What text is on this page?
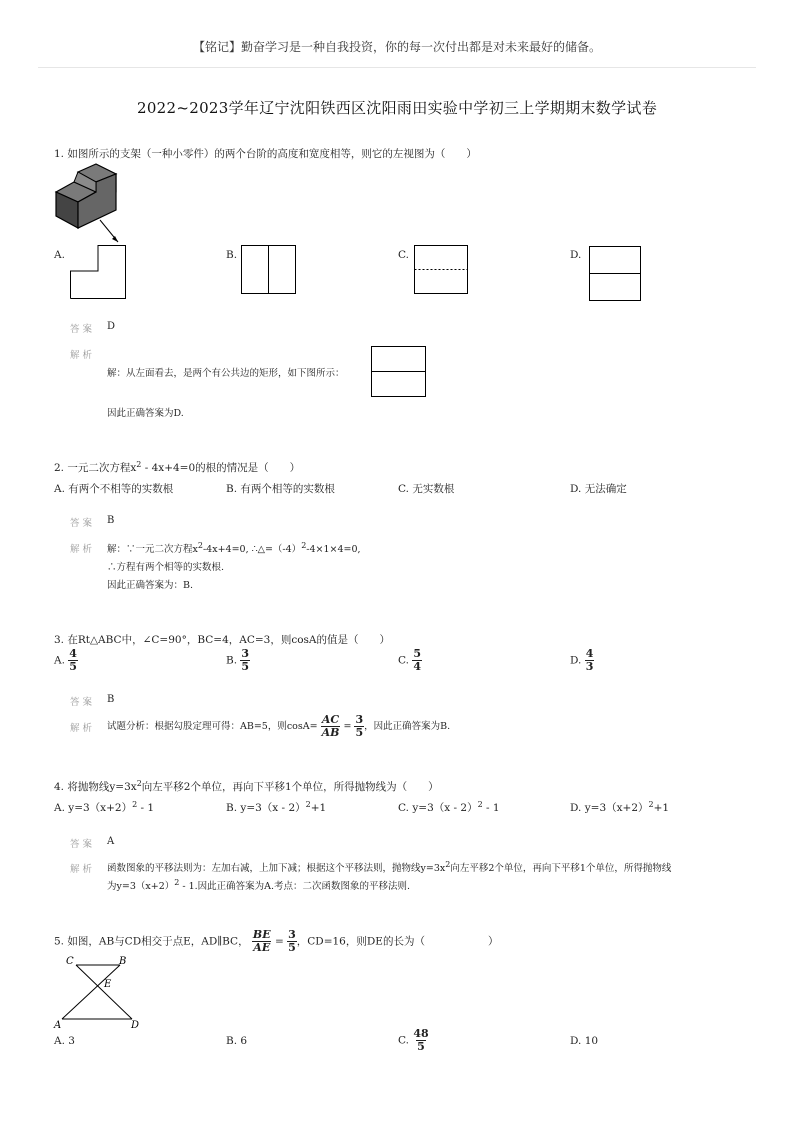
【铭记】勤奋学习是一种自我投资，你的每一次付出都是对未来最好的储备。
2022~2023学年辽宁沈阳铁西区沈阳雨田实验中学初三上学期期末数学试卷
1. 如图所示的支架（一种小零件）的两个台阶的高度和宽度相等，则它的左视图为（　　）
A.	B.	C.	D.
答 案 D
解 析
解：从左面看去，是两个有公共边的矩形，如下图所示：
因此正确答案为D.
2. 一元二次方程$x^2 - 4x+4=0$的根的情况是（　　）
A. 有两个不相等的实数根	B. 有两个相等的实数根	C. 无实数根	D. 无法确定
答 案 B
解 析 解：∵一元二次方程$x^2-4x+4=0$, $\therefore\triangle=(-4)^2-4\times 1\times 4=0$,
∴方程有两个相等的实数根.
因此正确答案为：B.
3. 在Rt△ABC中，∠C=90°，BC=4，AC=3，则cosA的值是（　　）
A. $\frac{4}{5}$	B. $\frac{3}{5}$	C. $\frac{5}{4}$	D. $\frac{4}{3}$
答 案 B
解 析 试题分析：根据勾股定理可得：AB=5，则$\cos A= \frac{AC}{AB} = \frac{3}{5}$ ，因此正确答案为B.
4. 将抛物线$y=3x^2$向左平移2个单位，再向下平移1个单位，所得抛物线为（　　）
A. $y=3(x+2)^2 - 1$	B. y=3（x - 2）$^2$+1	C. y=3（x - 2）$^2$ - 1	D. $y=3(x+2)^2+1$
答 案 A
解 析 函数图象的平移法则为：左加右减，上加下减；根据这个平移法则，抛物线$y=3x^2$向左平移2个单位，再向下平移1个单位，所得抛物线
为$y=3(x+2)^2 - 1$.因此正确答案为A.考点：二次函数图象的平移法则.
5. 如图，AB与CD相交于点E，AD∥BC， $\frac{BE}{AE} = \frac{3}{5}$ ，CD=16，则DE的长为（　　　　　　）
C	B
E
A	D
A. 3	B. 6	C. $\frac{48}{5}$	D. 10
